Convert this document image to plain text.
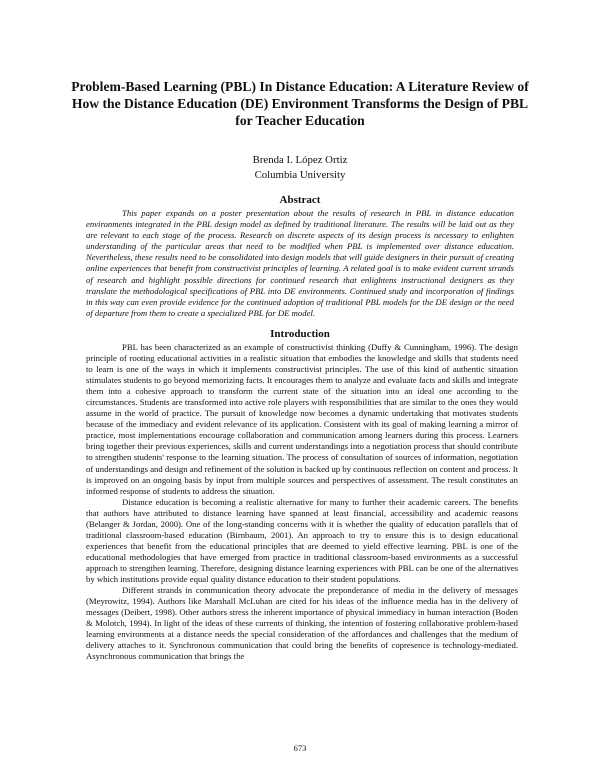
Problem-Based Learning (PBL) In Distance Education: A Literature Review of How the Distance Education (DE) Environment Transforms the Design of PBL for Teacher Education
Brenda I. López Ortiz
Columbia University
Abstract

This paper expands on a poster presentation about the results of research in PBL in distance education environments integrated in the PBL design model as defined by traditional literature. The results will be laid out as they are relevant to each stage of the process. Research on discrete aspects of its design process is necessary to enlighten understanding of the particular areas that need to be modified when PBL is implemented over distance education. Nevertheless, these results need to be consolidated into design models that will guide designers in their pursuit of creating online experiences that benefit from constructivist principles of learning. A related goal is to make evident current strands of research and highlight possible directions for continued research that enlightens instructional designers as they translate the methodological specifications of PBL into DE environments. Continued study and incorporation of findings in this way can even provide evidence for the continued adoption of traditional PBL models for the DE design or the need of departure from them to create a specialized PBL for DE model.

Introduction

PBL has been characterized as an example of constructivist thinking (Duffy & Cunningham, 1996). The design principle of rooting educational activities in a realistic situation that embodies the knowledge and skills that students need to learn is one of the ways in which it implements constructivist principles. The use of this kind of authentic situation stimulates students to go beyond memorizing facts. It encourages them to analyze and evaluate facts and skills and integrate them into a cohesive approach to transform the current state of the situation into an ideal one according to the circumstances. Students are transformed into active role players with responsibilities that are similar to the ones they would assume in the world of practice. The pursuit of knowledge now becomes a dynamic undertaking that motivates students because of the immediacy and evident relevance of its application. Consistent with its goal of making learning a mirror of practice, most implementations encourage collaboration and communication among learners during this process. Learners bring together their previous experiences, skills and current understandings into a negotiation process that should contribute to strengthen students' response to the learning situation. The process of consultation of sources of information, negotiation of understandings and design and refinement of the solution is backed up by continuous reflection on content and process. It is improved on an ongoing basis by input from multiple sources and perspectives of assessment. The result constitutes an informed response of students to address the situation.

Distance education is becoming a realistic alternative for many to further their academic careers. The benefits that authors have attributed to distance learning have spanned at least financial, accessibility and academic reasons (Belanger & Jordan, 2000). One of the long-standing concerns with it is whether the quality of education parallels that of traditional classroom-based education (Birnbaum, 2001). An approach to try to ensure this is to design educational experiences that benefit from the educational principles that are deemed to yield effective learning. PBL is one of the educational methodologies that have emerged from practice in traditional classroom-based environments as a successful approach to strengthen learning. Therefore, designing distance learning experiences with PBL can be one of the alternatives by which institutions provide equal quality distance education to their student populations.

Different strands in communication theory advocate the preponderance of media in the delivery of messages (Meyrowitz, 1994). Authors like Marshall McLuhan are cited for his ideas of the influence media has in the delivery of messages (Deibert, 1998). Other authors stress the inherent importance of physical immediacy in human interaction (Boden & Molotch, 1994). In light of the ideas of these currents of thinking, the intention of fostering collaborative problem-based learning environments at a distance needs the special consideration of the affordances and challenges that the medium of delivery attaches to it. Synchronous communication that could bring the benefits of copresence is technology-mediated. Asynchronous communication that brings the

673
